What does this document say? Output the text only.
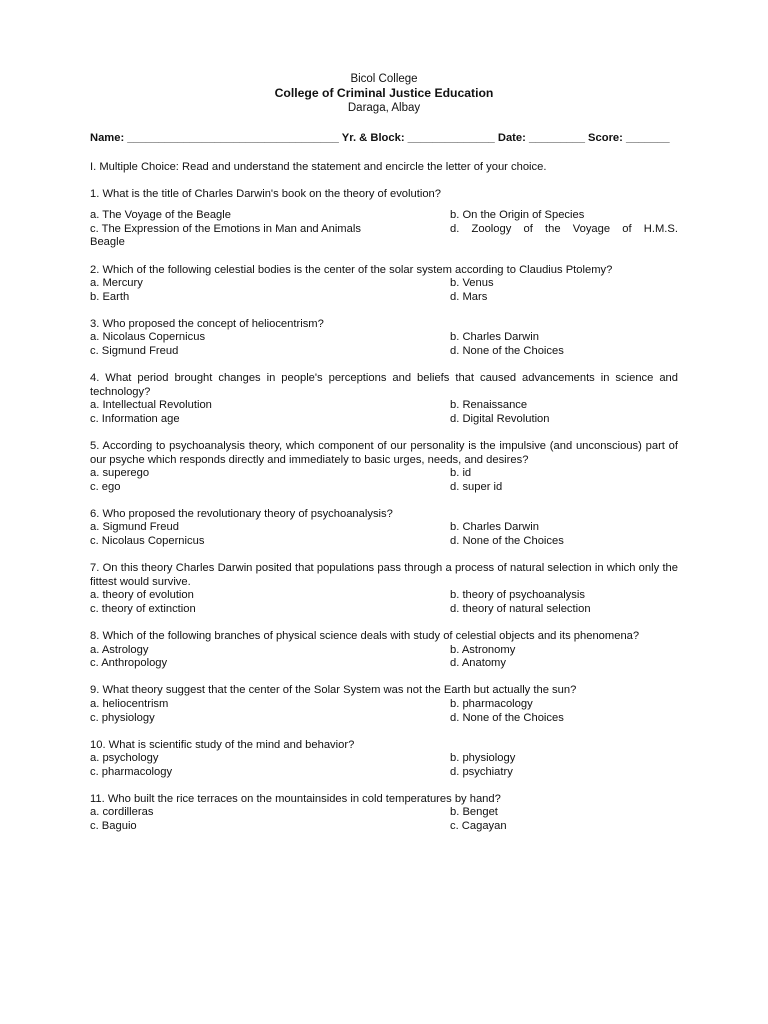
Bicol College
College of Criminal Justice Education
Daraga, Albay
Name: __________________________________ Yr. & Block: ______________ Date: _________ Score: _______
I. Multiple Choice: Read and understand the statement and encircle the letter of your choice.
1. What is the title of Charles Darwin's book on the theory of evolution?
a. The Voyage of the Beagle	b. On the Origin of Species
c. The Expression of the Emotions in Man and Animals	d. Zoology of the Voyage of H.M.S.
Beagle
2. Which of the following celestial bodies is the center of the solar system according to Claudius Ptolemy?
a. Mercury	b. Venus
b. Earth	d. Mars
3. Who proposed the concept of heliocentrism?
a. Nicolaus Copernicus	b. Charles Darwin
c. Sigmund Freud	d. None of the Choices
4. What period brought changes in people's perceptions and beliefs that caused advancements in science and technology?
a. Intellectual Revolution	b. Renaissance
c. Information age	d. Digital Revolution
5. According to psychoanalysis theory, which component of our personality is the impulsive (and unconscious) part of our psyche which responds directly and immediately to basic urges, needs, and desires?
a. superego	b. id
c. ego	d. super id
6. Who proposed the revolutionary theory of psychoanalysis?
a. Sigmund Freud	b. Charles Darwin
c. Nicolaus Copernicus	d. None of the Choices
7. On this theory Charles Darwin posited that populations pass through a process of natural selection in which only the fittest would survive.
a. theory of evolution	b. theory of psychoanalysis
c. theory of extinction	d. theory of natural selection
8. Which of the following branches of physical science deals with study of celestial objects and its phenomena?
a. Astrology	b. Astronomy
c. Anthropology	d. Anatomy
9. What theory suggest that the center of the Solar System was not the Earth but actually the sun?
a. heliocentrism	b. pharmacology
c. physiology	d. None of the Choices
10. What is scientific study of the mind and behavior?
a. psychology	b. physiology
c. pharmacology	d. psychiatry
11. Who built the rice terraces on the mountainsides in cold temperatures by hand?
a. cordilleras	b. Benget
c. Baguio	c. Cagayan
